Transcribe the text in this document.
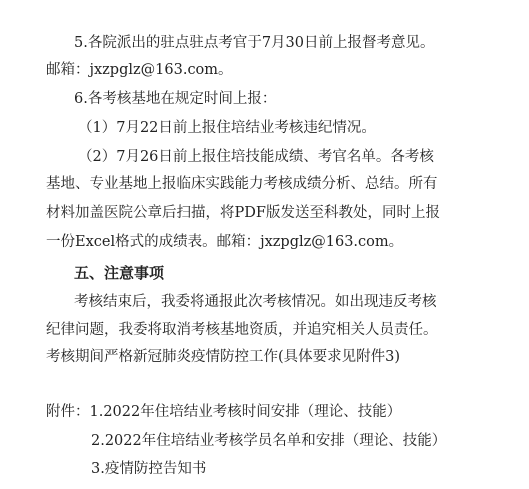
5.各院派出的驻点驻点考官于7月30日前上报督考意见。
邮箱：jxzpglz@163.com。
6.各考核基地在规定时间上报：
（1）7月22日前上报住培结业考核违纪情况。
（2）7月26日前上报住培技能成绩、考官名单。各考核
基地、专业基地上报临床实践能力考核成绩分析、总结。所有
材料加盖医院公章后扫描，将PDF版发送至科教处，同时上报
一份Excel格式的成绩表。邮箱：jxzpglz@163.com。
五、注意事项
考核结束后，我委将通报此次考核情况。如出现违反考核
纪律问题，我委将取消考核基地资质，并追究相关人员责任。
考核期间严格新冠肺炎疫情防控工作(具体要求见附件3)
附件：1.2022年住培结业考核时间安排（理论、技能）
2.2022年住培结业考核学员名单和安排（理论、技能）
3.疫情防控告知书
